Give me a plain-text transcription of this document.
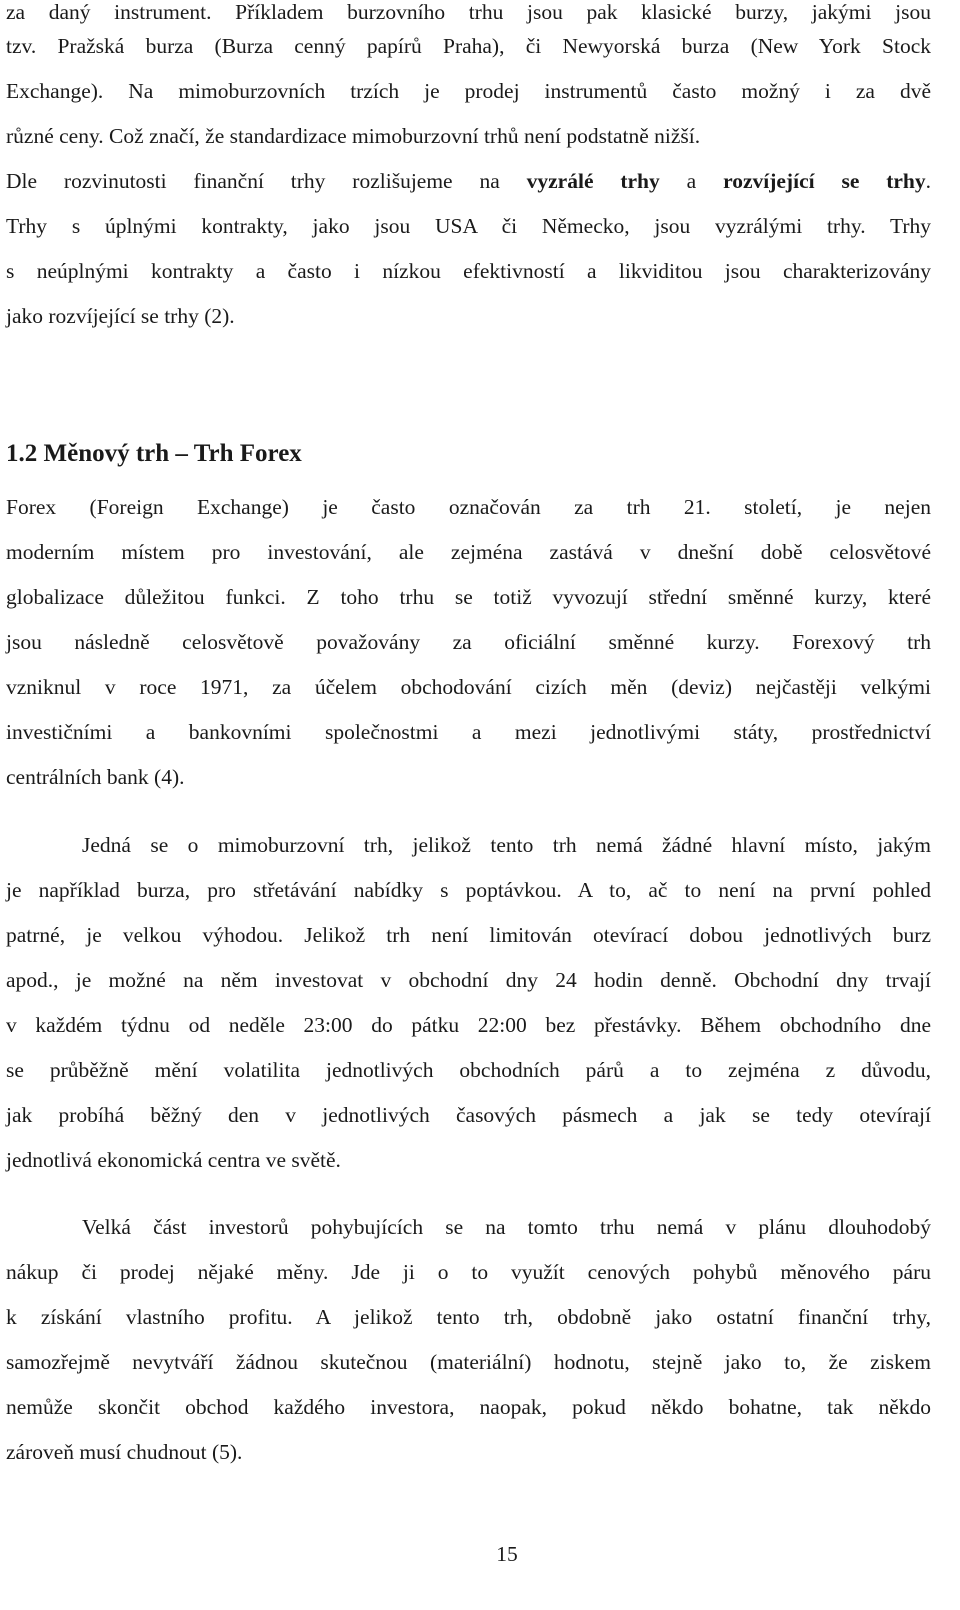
za daný instrument. Příkladem burzovního trhu jsou pak klasické burzy, jakými jsou
tzv. Pražská burza (Burza cenný papírů Praha), či Newyorská burza (New York Stock
Exchange). Na mimoburzovních trzích je prodej instrumentů často možný i za dvě
různé ceny. Což značí, že standardizace mimoburzovní trhů není podstatně nižší.
Dle rozvinutosti finanční trhy rozlišujeme na vyzrálé trhy a rozvíjející se trhy.
Trhy s úplnými kontrakty, jako jsou USA či Německo, jsou vyzrálými trhy. Trhy
s neúplnými kontrakty a často i nízkou efektivností a likviditou jsou charakterizovány
jako rozvíjející se trhy (2).
1.2 Měnový trh – Trh Forex
Forex (Foreign Exchange) je často označován za trh 21. století, je nejen
moderním místem pro investování, ale zejména zastává v dnešní době celosvětové
globalizace důležitou funkci. Z toho trhu se totiž vyvozují střední směnné kurzy, které
jsou následně celosvětově považovány za oficiální směnné kurzy. Forexový trh
vzniknul v roce 1971, za účelem obchodování cizích měn (deviz) nejčastěji velkými
investičními a bankovními společnostmi a mezi jednotlivými státy, prostřednictví
centrálních bank (4).
Jedná se o mimoburzovní trh, jelikož tento trh nemá žádné hlavní místo, jakým
je například burza, pro střetávání nabídky s poptávkou. A to, ač to není na první pohled
patrné, je velkou výhodou. Jelikož trh není limitován otevírací dobou jednotlivých burz
apod., je možné na něm investovat v obchodní dny 24 hodin denně. Obchodní dny trvají
v každém týdnu od neděle 23:00 do pátku 22:00 bez přestávky. Během obchodního dne
se průběžně mění volatilita jednotlivých obchodních párů a to zejména z důvodu,
jak probíhá běžný den v jednotlivých časových pásmech a jak se tedy otevírají
jednotlivá ekonomická centra ve světě.
Velká část investorů pohybujících se na tomto trhu nemá v plánu dlouhodobý
nákup či prodej nějaké měny. Jde ji o to využít cenových pohybů měnového páru
k získání vlastního profitu. A jelikož tento trh, obdobně jako ostatní finanční trhy,
samozřejmě nevytváří žádnou skutečnou (materiální) hodnotu, stejně jako to, že ziskem
nemůže skončit obchod každého investora, naopak, pokud někdo bohatne, tak někdo
zároveň musí chudnout (5).
15
